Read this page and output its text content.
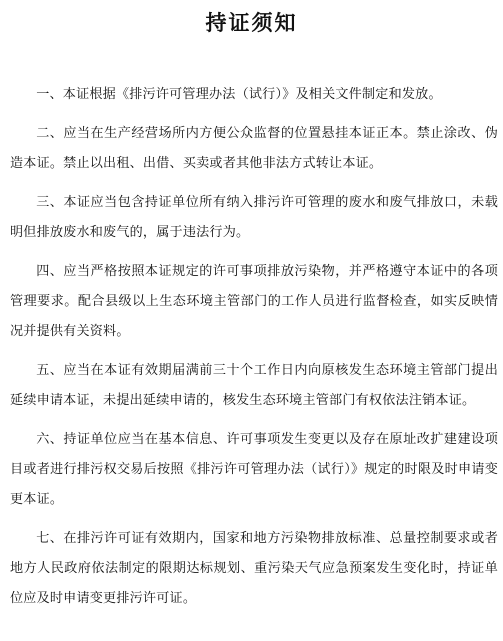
持证须知

一、本证根据《排污许可管理办法（试行）》及相关文件制定和发放。

二、应当在生产经营场所内方便公众监督的位置悬挂本证正本。禁止涂改、伪造本证。禁止以出租、出借、买卖或者其他非法方式转让本证。

三、本证应当包含持证单位所有纳入排污许可管理的废水和废气排放口，未载明但排放废水和废气的，属于违法行为。

四、应当严格按照本证规定的许可事项排放污染物，并严格遵守本证中的各项管理要求。配合县级以上生态环境主管部门的工作人员进行监督检查，如实反映情况并提供有关资料。

五、应当在本证有效期届满前三十个工作日内向原核发生态环境主管部门提出延续申请本证，未提出延续申请的，核发生态环境主管部门有权依法注销本证。

六、持证单位应当在基本信息、许可事项发生变更以及存在原址改扩建建设项目或者进行排污权交易后按照《排污许可管理办法（试行）》规定的时限及时申请变更本证。

七、在排污许可证有效期内，国家和地方污染物排放标准、总量控制要求或者地方人民政府依法制定的限期达标规划、重污染天气应急预案发生变化时，持证单位应及时申请变更排污许可证。
